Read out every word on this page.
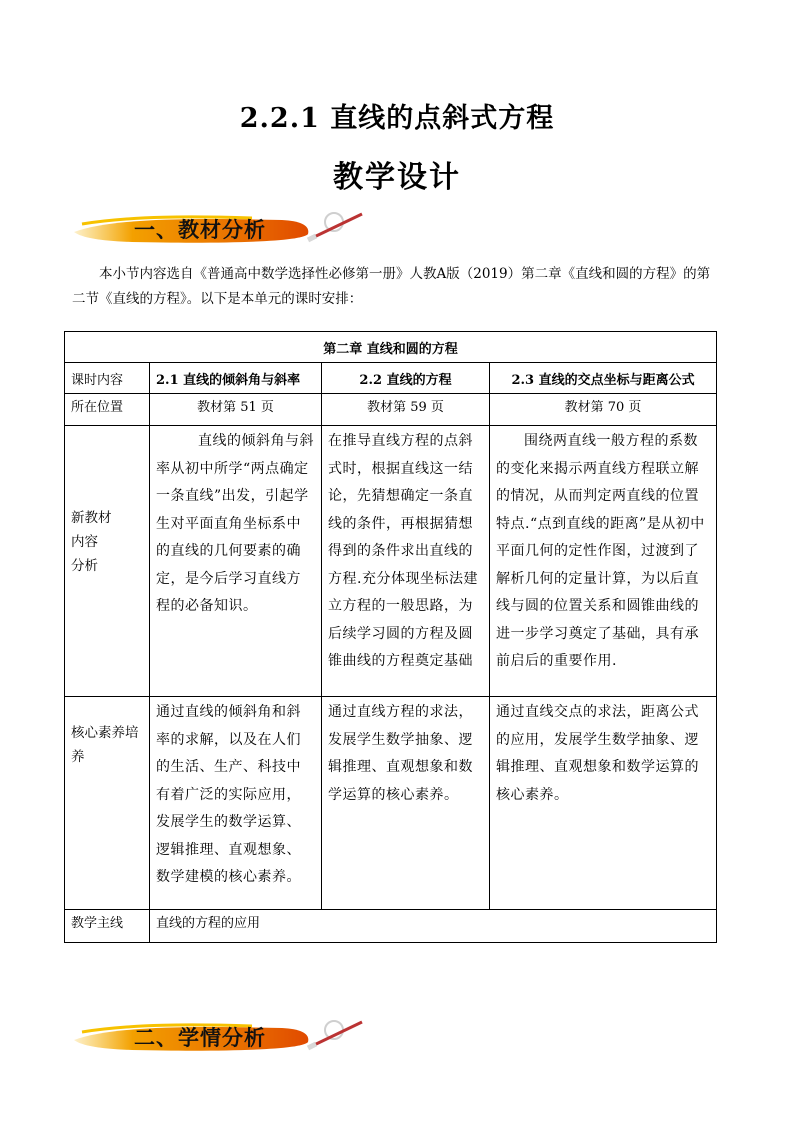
2.2.1 直线的点斜式方程
教学设计
一、教材分析
本小节内容选自《普通高中数学选择性必修第一册》人教A版（2019）第二章《直线和圆的方程》的第二节《直线的方程》。以下是本单元的课时安排：
第二章 直线和圆的方程			
课时内容	2.1 直线的倾斜角与斜率	2.2 直线的方程	2.3 直线的交点坐标与距离公式
所在位置	教材第 51 页	教材第 59 页	教材第 70 页

新教材
内容
分析	直线的倾斜角与斜率从初中所学“两点确定一条直线”出发，引起学生对平面直角坐标系中的直线的几何要素的确定，是今后学习直线方程的必备知识。	在推导直线方程的点斜式时，根据直线这一结论，先猜想确定一条直线的条件，再根据猜想得到的条件求出直线的方程.充分体现坐标法建立方程的一般思路，为后续学习圆的方程及圆锥曲线的方程奠定基础	围绕两直线一般方程的系数的变化来揭示两直线方程联立解的情况，从而判定两直线的位置特点.“点到直线的距离”是从初中平面几何的定性作图，过渡到了解析几何的定量计算，为以后直线与圆的位置关系和圆锥曲线的进一步学习奠定了基础，具有承前启后的重要作用.
核心素养培养	通过直线的倾斜角和斜率的求解，以及在人们的生活、生产、科技中有着广泛的实际应用，发展学生的数学运算、逻辑推理、直观想象、数学建模的核心素养。	通过直线方程的求法，发展学生数学抽象、逻辑推理、直观想象和数学运算的核心素养。	通过直线交点的求法，距离公式的应用，发展学生数学抽象、逻辑推理、直观想象和数学运算的核心素养。
教学主线	直线的方程的应用		
二、学情分析
